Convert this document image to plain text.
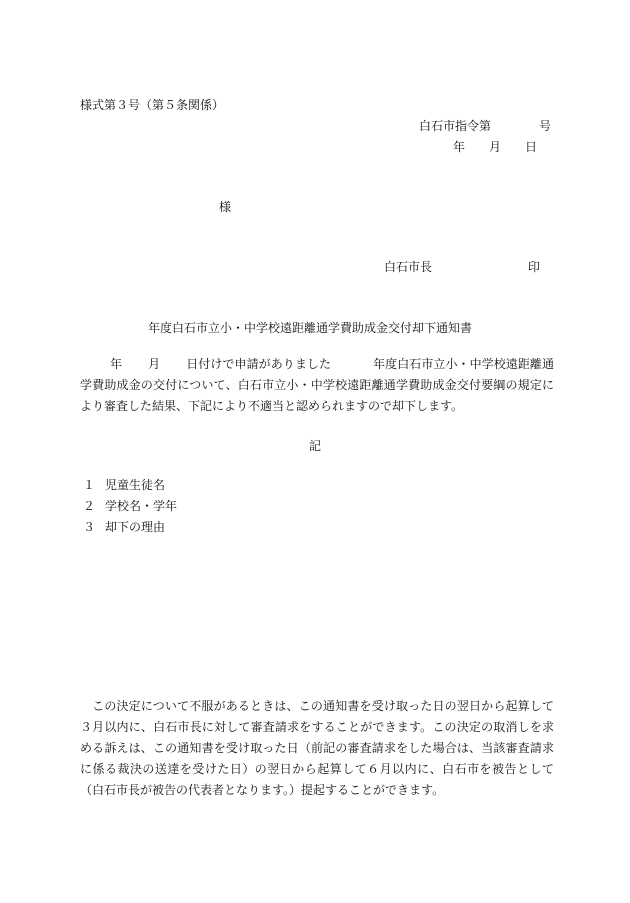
様式第３号（第５条関係）
白石市指令第	号
年 月 日
様
白石市長	印
年度白石市立小・中学校遠距離通学費助成金交付却下通知書
年 月 日付けで申請がありました	年度白石市立小・中学校遠距離通学費助成金の交付について、白石市立小・中学校遠距離通学費助成金交付要綱の規定により審査した結果、下記により不適当と認められますので却下します。
記
１ 児童生徒名
２ 学校名・学年
３ 却下の理由
この決定について不服があるときは、この通知書を受け取った日の翌日から起算して３月以内に、白石市長に対して審査請求をすることができます。この決定の取消しを求める訴えは、この通知書を受け取った日（前記の審査請求をした場合は、当該審査請求に係る裁決の送達を受けた日）の翌日から起算して６月以内に、白石市を被告として（白石市長が被告の代表者となります。）提起することができます。
